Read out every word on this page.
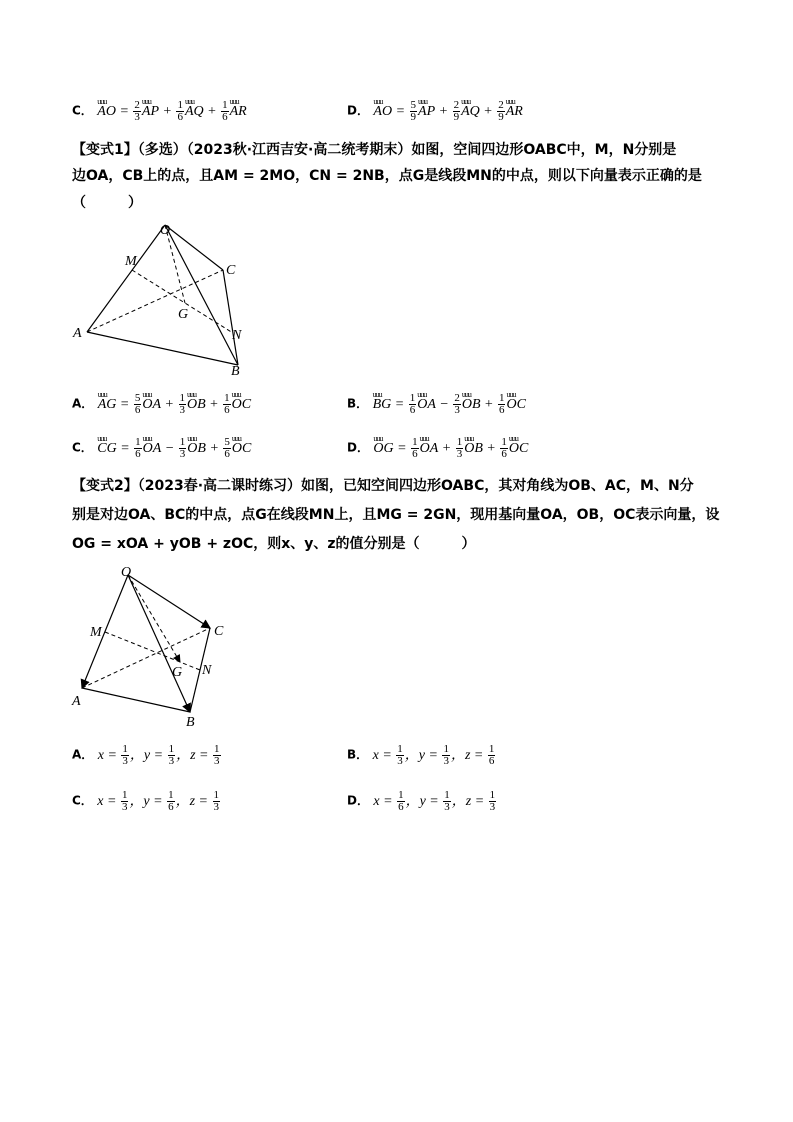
C． uuu AO = $\frac{2}{3}$ uuu AP + $\frac{1}{6}$ uuu AQ + $\frac{1}{6}$ uuu AR	D． uuu AO = $\frac{5}{9}$ uuu AP + $\frac{2}{9}$ uuu AQ + $\frac{2}{9}$ uuu AR
【变式1】（多选）（2023秋·江西吉安·高二统考期末）如图，空间四边形OABC中，M，N分别是
边OA，CB上的点，且AM = 2MO，CN = 2NB，点G是线段MN的中点，则以下向量表示正确的是
（　　　）
O
M
C
G
A	N
B
A． uuu AG = $\frac{5}{6}$ uuu OA + $\frac{1}{3}$ uuu OB + $\frac{1}{6}$ uuu OC	B． uuu BG = $\frac{1}{6}$ uuu OA − $\frac{2}{3}$ uuu OB + $\frac{1}{6}$ uuu OC
C． uuu CG = $\frac{1}{6}$ uuu OA − $\frac{1}{3}$ uuu OB + $\frac{5}{6}$ uuu OC	D． uuu OG = $\frac{1}{6}$ uuu OA + $\frac{1}{3}$ uuu OB + $\frac{1}{6}$ uuu OC
【变式2】（2023春·高二课时练习）如图，已知空间四边形OABC，其对角线为OB、AC，M、N分
别是对边OA、BC的中点，点G在线段MN上，且MG = 2GN，现用基向量OA，OB，OC表示向量，设
OG = xOA + yOB + zOC，则x、y、z的值分别是（　　　）
O
M	C
G N
A
B
A． $x = \frac{1}{3}$ ，$y = \frac{1}{3}$ ，$z = \frac{1}{3}$	B． $x = \frac{1}{3}$ ，$y = \frac{1}{3}$ ，$z = \frac{1}{6}$
C． $x = \frac{1}{3}$ ，$y = \frac{1}{6}$ ，$z = \frac{1}{3}$	D． $x = \frac{1}{6}$ ，$y = \frac{1}{3}$ ，$z = \frac{1}{3}$
